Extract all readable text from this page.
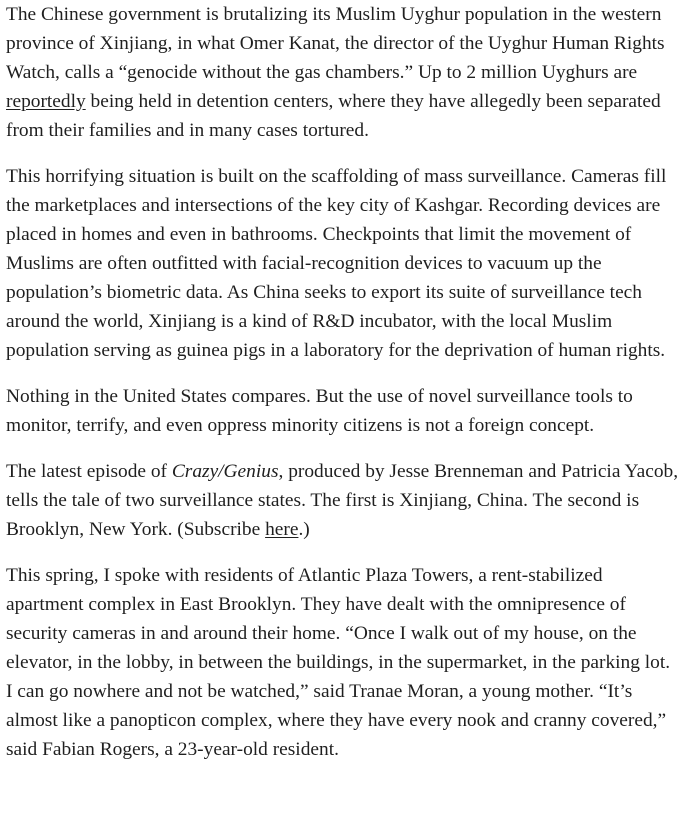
The Chinese government is brutalizing its Muslim Uyghur population in the western province of Xinjiang, in what Omer Kanat, the director of the Uyghur Human Rights Watch, calls a “genocide without the gas chambers.” Up to 2 million Uyghurs are reportedly being held in detention centers, where they have allegedly been separated from their families and in many cases tortured.

This horrifying situation is built on the scaffolding of mass surveillance. Cameras fill the marketplaces and intersections of the key city of Kashgar. Recording devices are placed in homes and even in bathrooms. Checkpoints that limit the movement of Muslims are often outfitted with facial-recognition devices to vacuum up the population’s biometric data. As China seeks to export its suite of surveillance tech around the world, Xinjiang is a kind of R&D incubator, with the local Muslim population serving as guinea pigs in a laboratory for the deprivation of human rights.

Nothing in the United States compares. But the use of novel surveillance tools to monitor, terrify, and even oppress minority citizens is not a foreign concept.

The latest episode of Crazy/Genius, produced by Jesse Brenneman and Patricia Yacob, tells the tale of two surveillance states. The first is Xinjiang, China. The second is Brooklyn, New York. (Subscribe here.)

This spring, I spoke with residents of Atlantic Plaza Towers, a rent-stabilized apartment complex in East Brooklyn. They have dealt with the omnipresence of security cameras in and around their home. “Once I walk out of my house, on the elevator, in the lobby, in between the buildings, in the supermarket, in the parking lot. I can go nowhere and not be watched,” said Tranae Moran, a young mother. “It’s almost like a panopticon complex, where they have every nook and cranny covered,” said Fabian Rogers, a 23-year-old resident.
